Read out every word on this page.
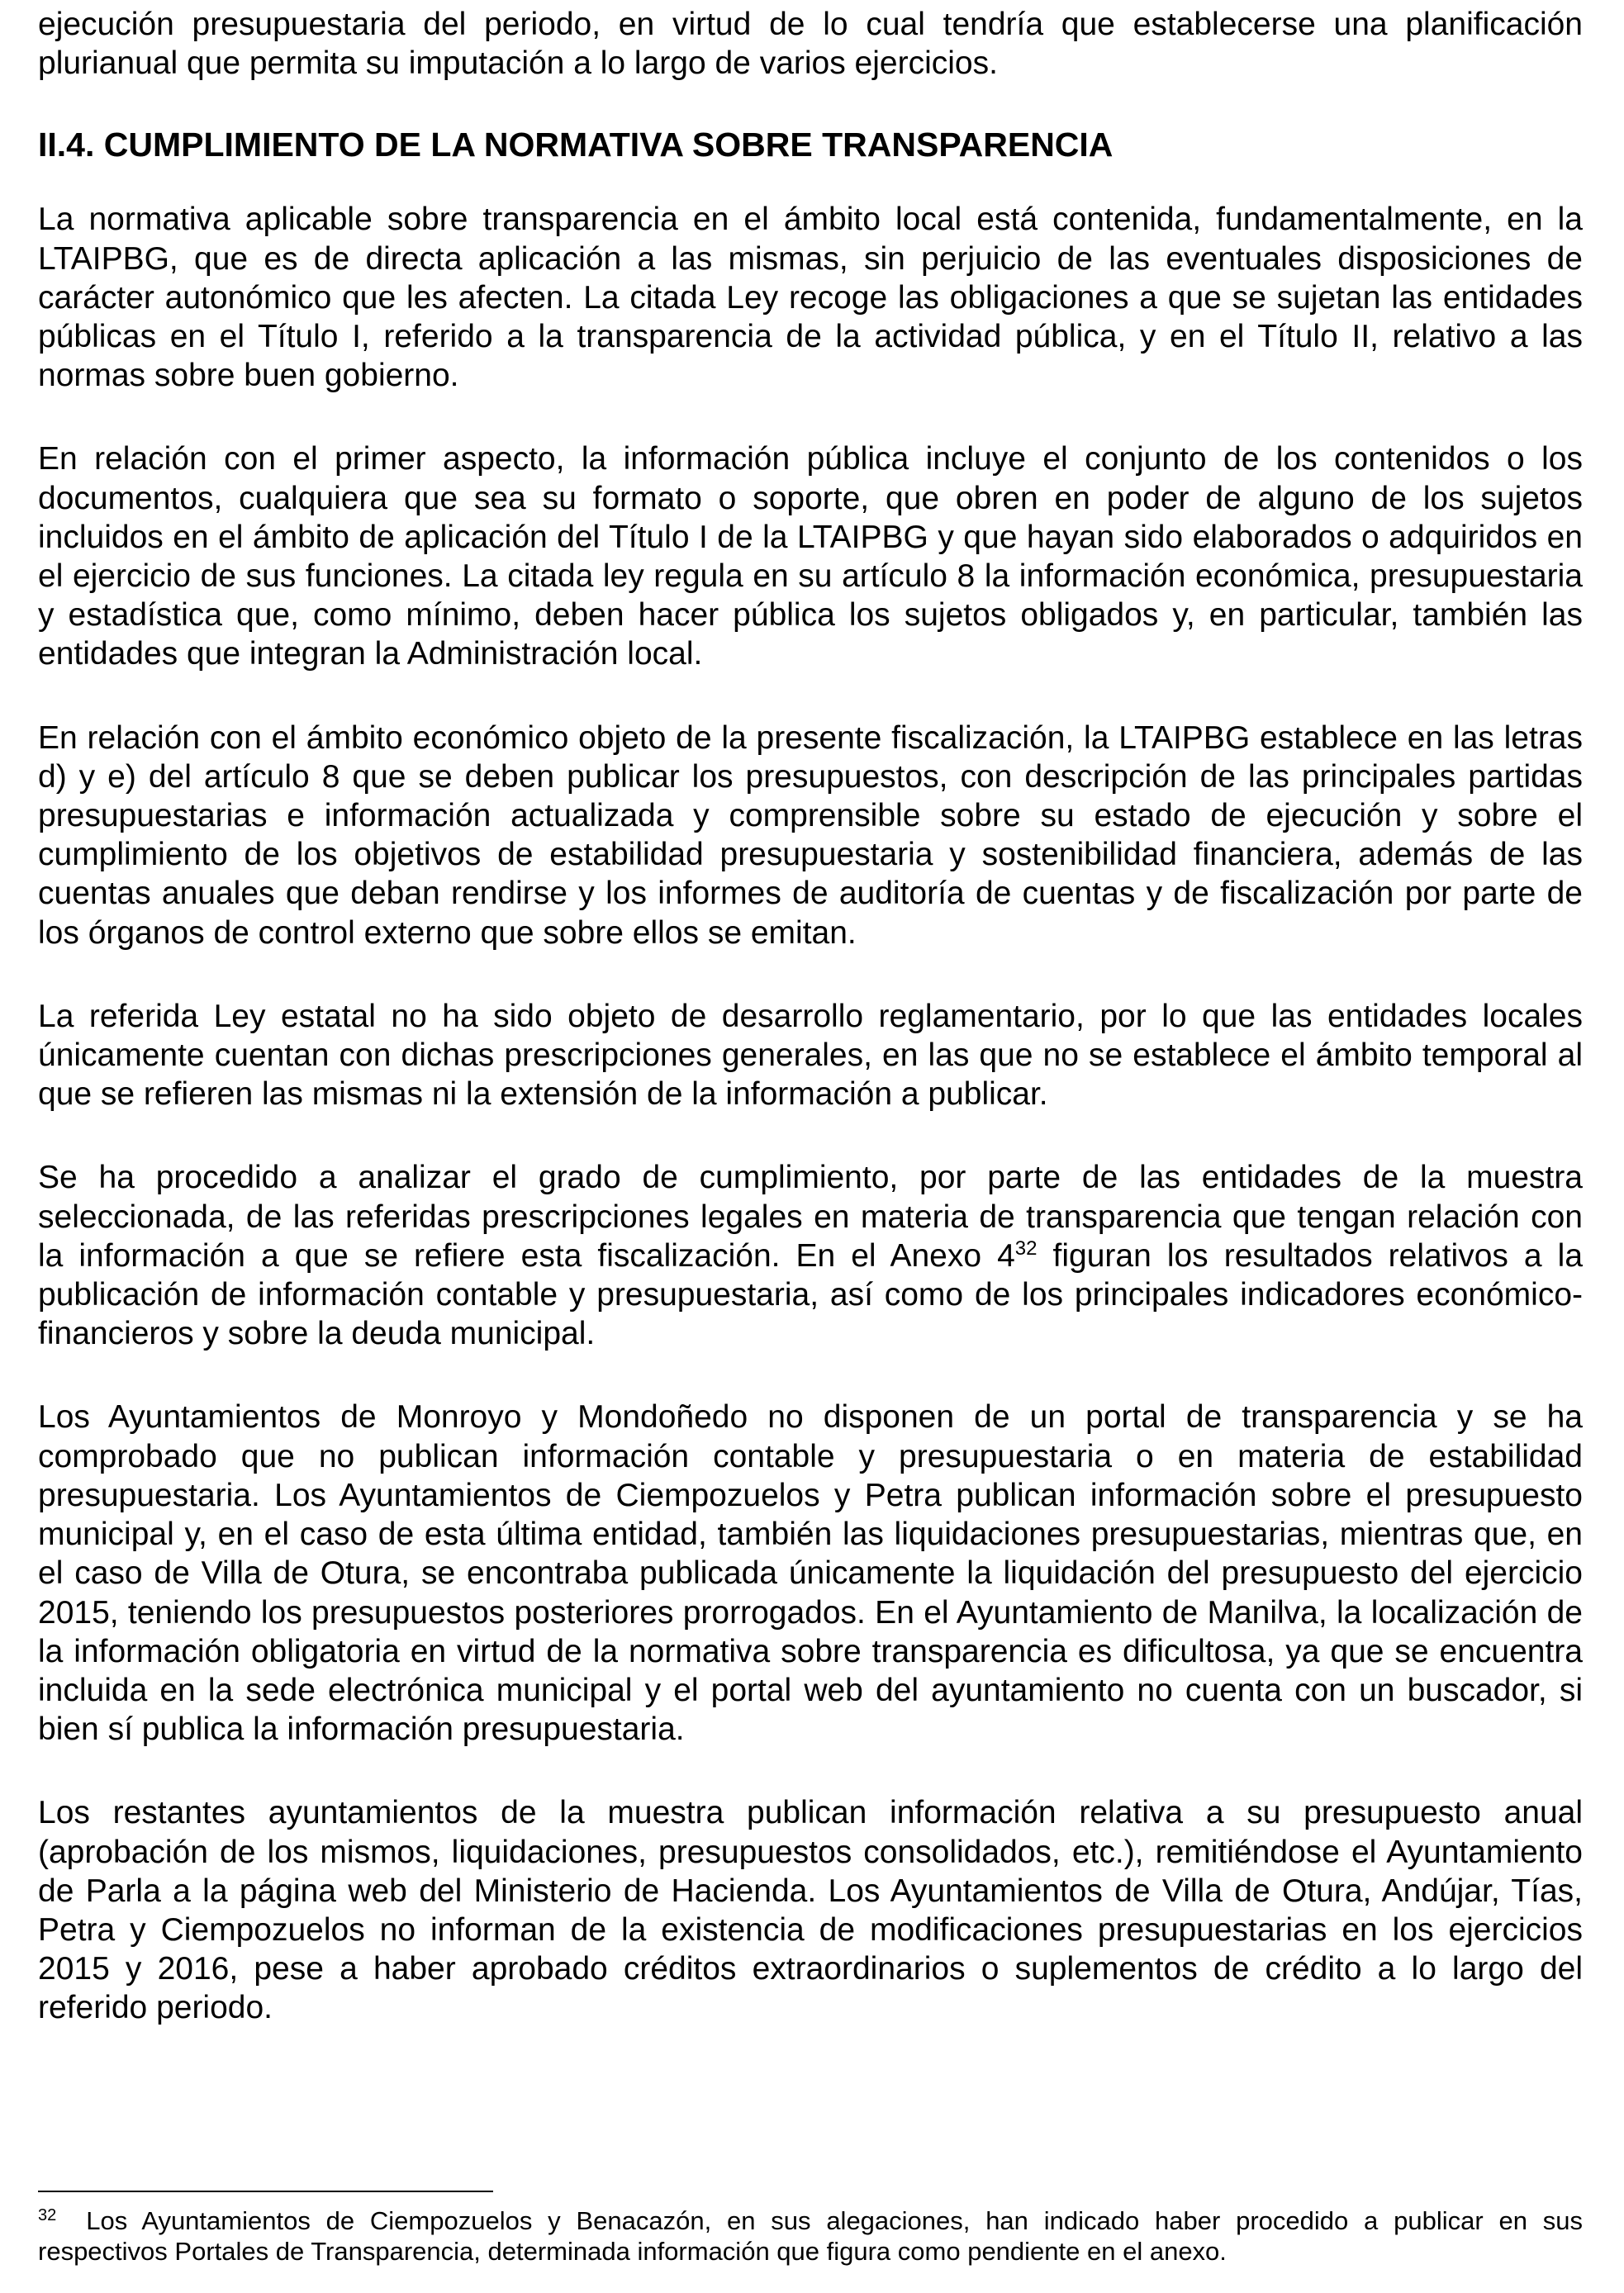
ejecución presupuestaria del periodo, en virtud de lo cual tendría que establecerse una planificación plurianual que permita su imputación a lo largo de varios ejercicios.

II.4. CUMPLIMIENTO DE LA NORMATIVA SOBRE TRANSPARENCIA

La normativa aplicable sobre transparencia en el ámbito local está contenida, fundamentalmente, en la LTAIPBG, que es de directa aplicación a las mismas, sin perjuicio de las eventuales disposiciones de carácter autonómico que les afecten. La citada Ley recoge las obligaciones a que se sujetan las entidades públicas en el Título I, referido a la transparencia de la actividad pública, y en el Título II, relativo a las normas sobre buen gobierno.

En relación con el primer aspecto, la información pública incluye el conjunto de los contenidos o los documentos, cualquiera que sea su formato o soporte, que obren en poder de alguno de los sujetos incluidos en el ámbito de aplicación del Título I de la LTAIPBG y que hayan sido elaborados o adquiridos en el ejercicio de sus funciones. La citada ley regula en su artículo 8 la información económica, presupuestaria y estadística que, como mínimo, deben hacer pública los sujetos obligados y, en particular, también las entidades que integran la Administración local.

En relación con el ámbito económico objeto de la presente fiscalización, la LTAIPBG establece en las letras d) y e) del artículo 8 que se deben publicar los presupuestos, con descripción de las principales partidas presupuestarias e información actualizada y comprensible sobre su estado de ejecución y sobre el cumplimiento de los objetivos de estabilidad presupuestaria y sostenibilidad financiera, además de las cuentas anuales que deban rendirse y los informes de auditoría de cuentas y de fiscalización por parte de los órganos de control externo que sobre ellos se emitan.

La referida Ley estatal no ha sido objeto de desarrollo reglamentario, por lo que las entidades locales únicamente cuentan con dichas prescripciones generales, en las que no se establece el ámbito temporal al que se refieren las mismas ni la extensión de la información a publicar.

Se ha procedido a analizar el grado de cumplimiento, por parte de las entidades de la muestra seleccionada, de las referidas prescripciones legales en materia de transparencia que tengan relación con la información a que se refiere esta fiscalización. En el Anexo $4^{32}$ figuran los resultados relativos a la publicación de información contable y presupuestaria, así como de los principales indicadores económico-financieros y sobre la deuda municipal.

Los Ayuntamientos de Monroyo y Mondoñedo no disponen de un portal de transparencia y se ha comprobado que no publican información contable y presupuestaria o en materia de estabilidad presupuestaria. Los Ayuntamientos de Ciempozuelos y Petra publican información sobre el presupuesto municipal y, en el caso de esta última entidad, también las liquidaciones presupuestarias, mientras que, en el caso de Villa de Otura, se encontraba publicada únicamente la liquidación del presupuesto del ejercicio 2015, teniendo los presupuestos posteriores prorrogados. En el Ayuntamiento de Manilva, la localización de la información obligatoria en virtud de la normativa sobre transparencia es dificultosa, ya que se encuentra incluida en la sede electrónica municipal y el portal web del ayuntamiento no cuenta con un buscador, si bien sí publica la información presupuestaria.

Los restantes ayuntamientos de la muestra publican información relativa a su presupuesto anual (aprobación de los mismos, liquidaciones, presupuestos consolidados, etc.), remitiéndose el Ayuntamiento de Parla a la página web del Ministerio de Hacienda. Los Ayuntamientos de Villa de Otura, Andújar, Tías, Petra y Ciempozuelos no informan de la existencia de modificaciones presupuestarias en los ejercicios 2015 y 2016, pese a haber aprobado créditos extraordinarios o suplementos de crédito a lo largo del referido periodo.

$^{32}$ Los Ayuntamientos de Ciempozuelos y Benacazón, en sus alegaciones, han indicado haber procedido a publicar en sus respectivos Portales de Transparencia, determinada información que figura como pendiente en el anexo.
